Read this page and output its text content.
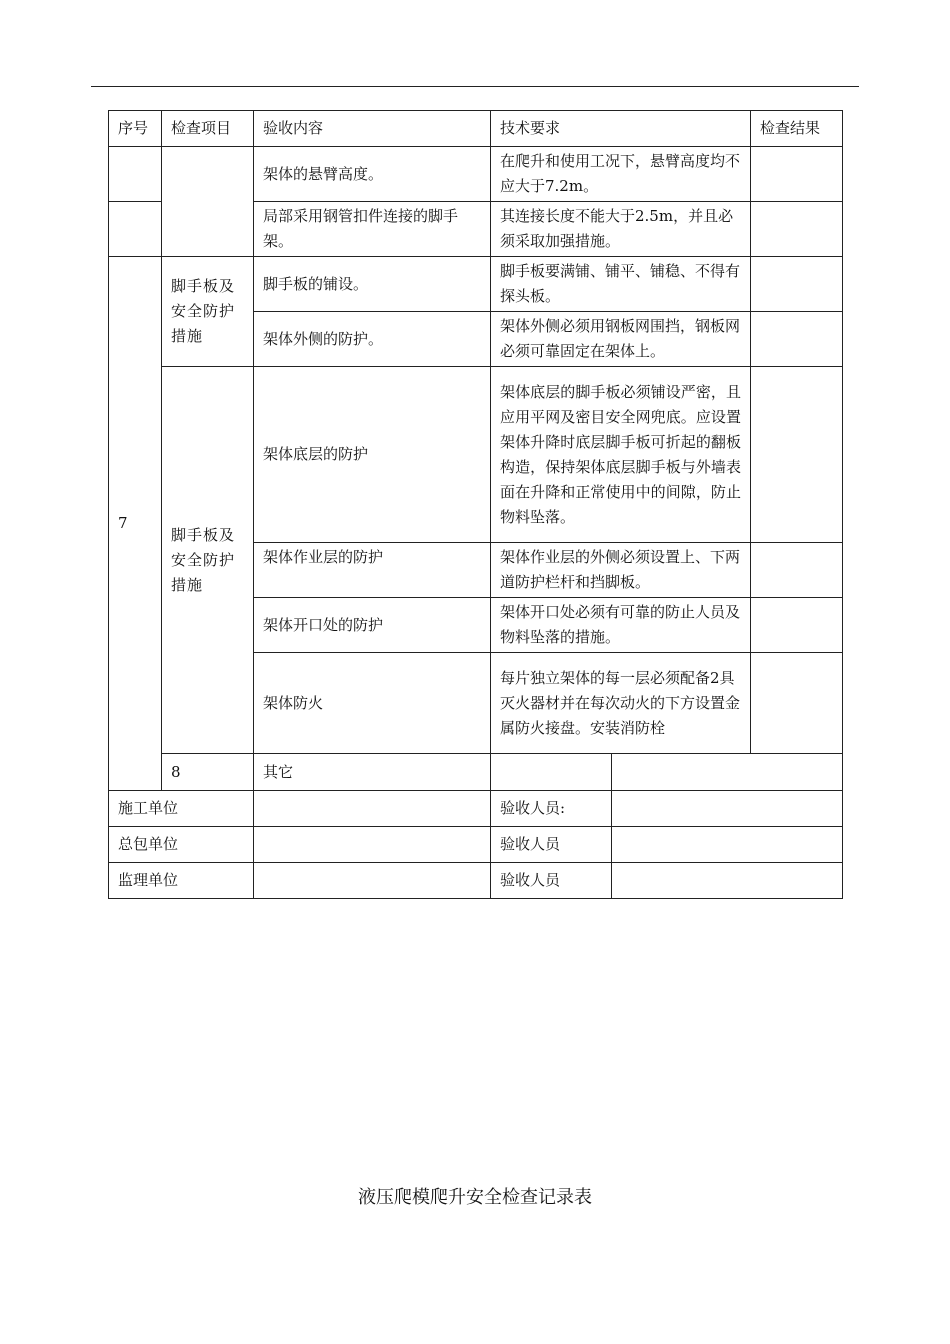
序号	检查项目	验收内容	技术要求		检查结果	
		架体的悬臂高度。	在爬升和使用工况下，悬臂高度均不应大于7.2m。			
		局部采用钢管扣件连接的脚手架。	其连接长度不能大于2.5m，并且必须采取加强措施。			
7	脚手板及安全防护措施	脚手板的铺设。	脚手板要满铺、铺平、铺稳、不得有探头板。			
		架体外侧的防护。	架体外侧必须用钢板网围挡，钢板网必须可靠固定在架体上。			
	脚手板及安全防护措施	架体底层的防护	架体底层的脚手板必须铺设严密，且应用平网及密目安全网兜底。应设置架体升降时底层脚手板可折起的翻板构造，保持架体底层脚手板与外墙表面在升降和正常使用中的间隙，防止物料坠落。			
		架体作业层的防护	架体作业层的外侧必须设置上、下两道防护栏杆和挡脚板。			
		架体开口处的防护	架体开口处必须有可靠的防止人员及物料坠落的措施。			
		架体防火	每片独立架体的每一层必须配备2具灭火器材并在每次动火的下方设置金属防火接盘。安装消防栓			
	8	其它				
施工单位			验收人员:			
总包单位			验收人员			
监理单位			验收人员			
液压爬模爬升安全检查记录表
